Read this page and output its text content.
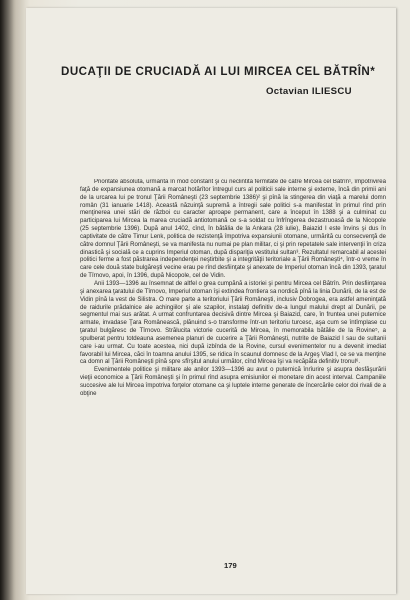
DUCAŢII DE CRUCIADĂ AI LUI MIRCEA CEL BĂTRÎN*
Octavian ILIESCU

Prioritate absolută, urmărită în mod constant şi cu neclintită fermitate de către Mircea cel Bătrîn¹, împotrivirea faţă de expansiunea otomană a marcat hotărîtor întregul curs al politicii sale interne şi externe, încă din primii ani de la urcarea lui pe tronul Ţării Româneşti (23 septembrie 1386)² şi pînă la stingerea din viaţă a marelui domn român (31 ianuarie 1418). Această năzuinţă supremă a întregii sale politici s-a manifestat în primul rînd prin menţinerea unei stări de război cu caracter aproape permanent, care a început în 1388 şi a culminat cu participarea lui Mircea la marea cruciadă antiotomană ce s-a soldat cu înfrîngerea dezastruoasă de la Nicopole (25 septembrie 1396). După anul 1402, cînd, în bătălia de la Ankara (28 iulie), Baiazid I este învins şi dus în captivitate de către Timur Lenk, politica de rezistenţă împotriva expansiunii otomane, urmărită cu consecvenţă de către domnul Ţării Româneşti, se va manifesta nu numai pe plan militar, ci şi prin repetatele sale intervenţii în criza dinastică şi socială ce a cuprins Imperiul otoman, după dispariţia vestitului sultan³. Rezultatul remarcabil al acestei politici ferme a fost păstrarea independenţei neştirbite şi a integrităţii teritoriale a Ţării Româneşti⁴, într-o vreme în care cele două state bulgăreşti vecine erau pe rînd desfiinţate şi anexate de Imperiul otoman încă din 1393, ţaratul de Tîrnovo, apoi, în 1396, după Nicopole, cel de Vidin.

Anii 1393—1396 au însemnat de altfel o grea cumpănă a istoriei şi pentru Mircea cel Bătrîn. Prin desfiinţarea şi anexarea ţaratului de Tîrnovo, Imperiul otoman îşi extindea frontiera sa nordică pînă la linia Dunării, de la est de Vidin pînă la vest de Silistra. O mare parte a teritoriului Ţării Româneşti, inclusiv Dobrogea, era astfel ameninţată de raidurile prădalnice ale achingiilor şi ale szapilor, instalaţi definitiv de-a lungul malului drept al Dunării, pe segmentul mai sus arătat. A urmat confruntarea decisivă dintre Mircea şi Baiazid, care, în fruntea unei puternice armate, invadase Ţara Românească, plănuind s-o transforme într-un teritoriu turcesc, aşa cum se întîmplase cu ţaratul bulgăresc de Tîrnovo. Strălucita victorie cucerită de Mircea, în memorabila bătălie de la Rovine⁵, a spulberat pentru totdeauna asemenea planuri de cucerire a Ţării Româneşti, nutrite de Baiazid I sau de sultanii care i-au urmat. Cu toate acestea, nici după izbînda de la Rovine, cursul evenimentelor nu a devenit imediat favorabil lui Mircea, căci în toamna anului 1395, se ridica în scaunul domnesc de la Argeş Vlad I, ce se va menţine ca domn al Ţării Româneşti pînă spre sfîrşitul anului următor, cînd Mircea îşi va recăpăta definitiv tronul⁶.

Evenimentele politice şi militare ale anilor 1393—1396 au avut o puternică înrîurire şi asupra desfăşurării vieţii economice a Ţării Româneşti şi în primul rînd asupra emisiunilor ei monetare din acest interval. Campaniile succesive ale lui Mircea împotriva forţelor otomane ca şi luptele interne generate de încercările celor doi rivali de a obţine

179
